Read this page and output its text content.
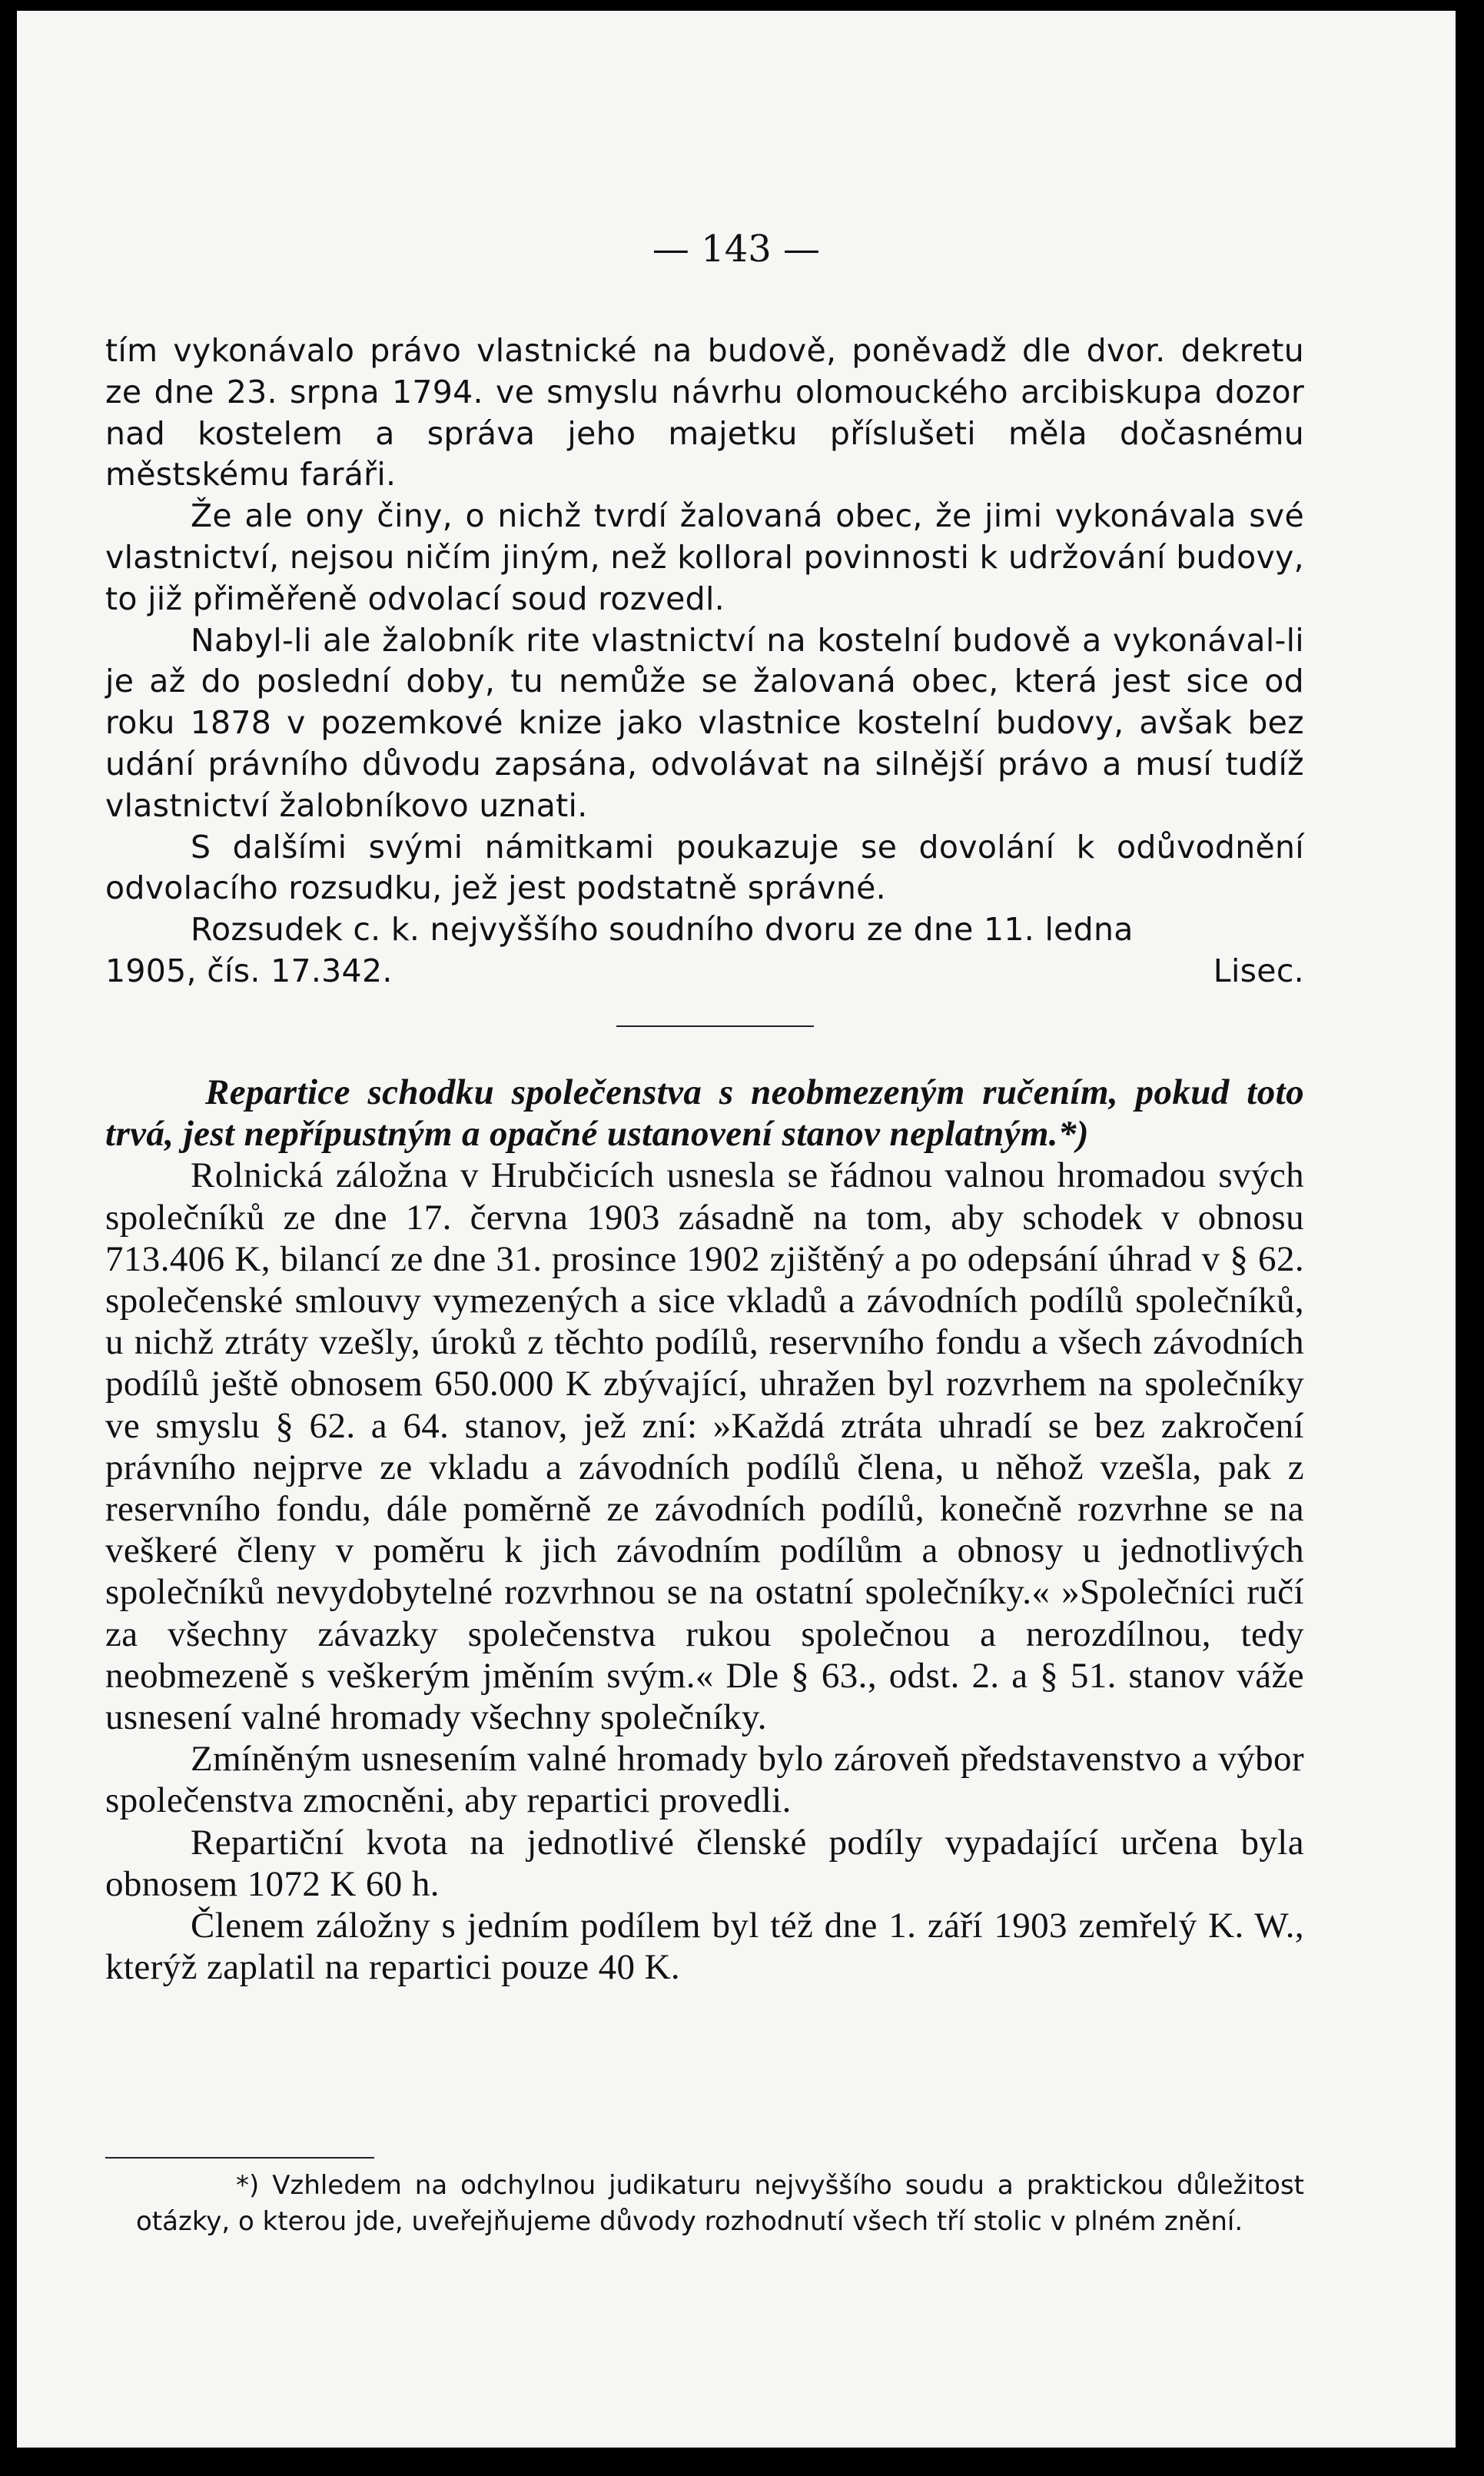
— 143 —

tím vykonávalo právo vlastnické na budově, poněvadž dle dvor. dekretu ze dne 23. srpna 1794. ve smyslu návrhu olomouckého arcibiskupa dozor nad kostelem a správa jeho majetku příslušeti měla dočasnému městskému faráři.

Že ale ony činy, o nichž tvrdí žalovaná obec, že jimi vykonávala své vlastnictví, nejsou ničím jiným, než kolloral povinnosti k udržování budovy, to již přiměřeně odvolací soud rozvedl.

Nabyl-li ale žalobník rite vlastnictví na kostelní budově a vykonával-li je až do poslední doby, tu nemůže se žalovaná obec, která jest sice od roku 1878 v pozemkové knize jako vlastnice kostelní budovy, avšak bez udání právního důvodu zapsána, odvolávat na silnější právo a musí tudíž vlastnictví žalobníkovo uznati.

S dalšími svými námitkami poukazuje se dovolání k odůvodnění odvolacího rozsudku, jež jest podstatně správné.

Rozsudek c. k. nejvyššího soudního dvoru ze dne 11. ledna

1905, čís. 17.342.	Lisec.

Repartice schodku společenstva s neobmezeným ručením, pokud toto trvá, jest nepřípustným a opačné ustanovení stanov neplatným.*)

Rolnická záložna v Hrubčicích usnesla se řádnou valnou hromadou svých společníků ze dne 17. června 1903 zásadně na tom, aby schodek v obnosu 713.406 K, bilancí ze dne 31. prosince 1902 zjištěný a po odepsání úhrad v § 62. společenské smlouvy vymezených a sice vkladů a závodních podílů společníků, u nichž ztráty vzešly, úroků z těchto podílů, reservního fondu a všech závodních podílů ještě obnosem 650.000 K zbývající, uhražen byl rozvrhem na společníky ve smyslu § 62. a 64. stanov, jež zní: »Každá ztráta uhradí se bez zakročení právního nejprve ze vkladu a závodních podílů člena, u něhož vzešla, pak z reservního fondu, dále poměrně ze závodních podílů, konečně rozvrhne se na veškeré členy v poměru k jich závodním podílům a obnosy u jednotlivých společníků nevydobytelné rozvrhnou se na ostatní společníky.« »Společníci ručí za všechny závazky společenstva rukou společnou a nerozdílnou, tedy neobmezeně s veškerým jměním svým.« Dle § 63., odst. 2. a § 51. stanov váže usnesení valné hromady všechny společníky.

Zmíněným usnesením valné hromady bylo zároveň představenstvo a výbor společenstva zmocněni, aby repartici provedli.

Repartiční kvota na jednotlivé členské podíly vypadající určena byla obnosem 1072 K 60 h.

Členem záložny s jedním podílem byl též dne 1. září 1903 zemřelý K. W., kterýž zaplatil na repartici pouze 40 K.

*) Vzhledem na odchylnou judikaturu nejvyššího soudu a praktickou důležitost otázky, o kterou jde, uveřejňujeme důvody rozhodnutí všech tří stolic v plném znění.
